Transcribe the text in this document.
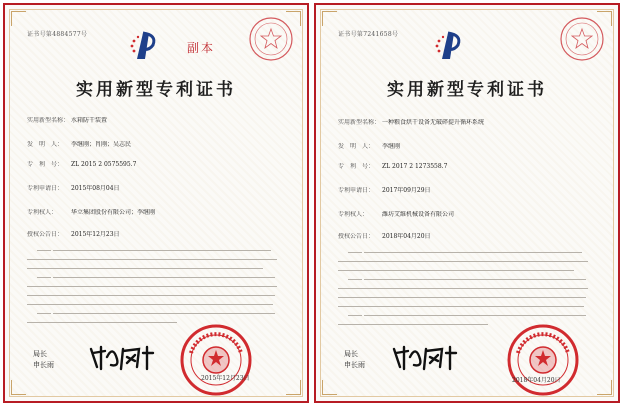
证书号第4884577号
副本
实用新型专利证书
实用新型名称： 水箱防干装置
发　明　人： 李继刚；肖刚；吴志民
专　利　号： ZL 2015 2 0575595.7
专利申请日： 2015年08月04日
专利权人： 华立集团股份有限公司；李继刚
授权公告日： 2015年12月23日

局长
申长雨
2015年12月23日
证书号第7241658号
实用新型专利证书
实用新型名称： 一种粮食烘干设备无破碎提升循环系统
发　明　人： 李继刚
专　利　号： ZL 2017 2 1273558.7
专利申请日： 2017年09月29日
专利权人： 潍坊艾維机械设备有限公司
授权公告日： 2018年04月20日

局长
申长雨
2018年04月20日
